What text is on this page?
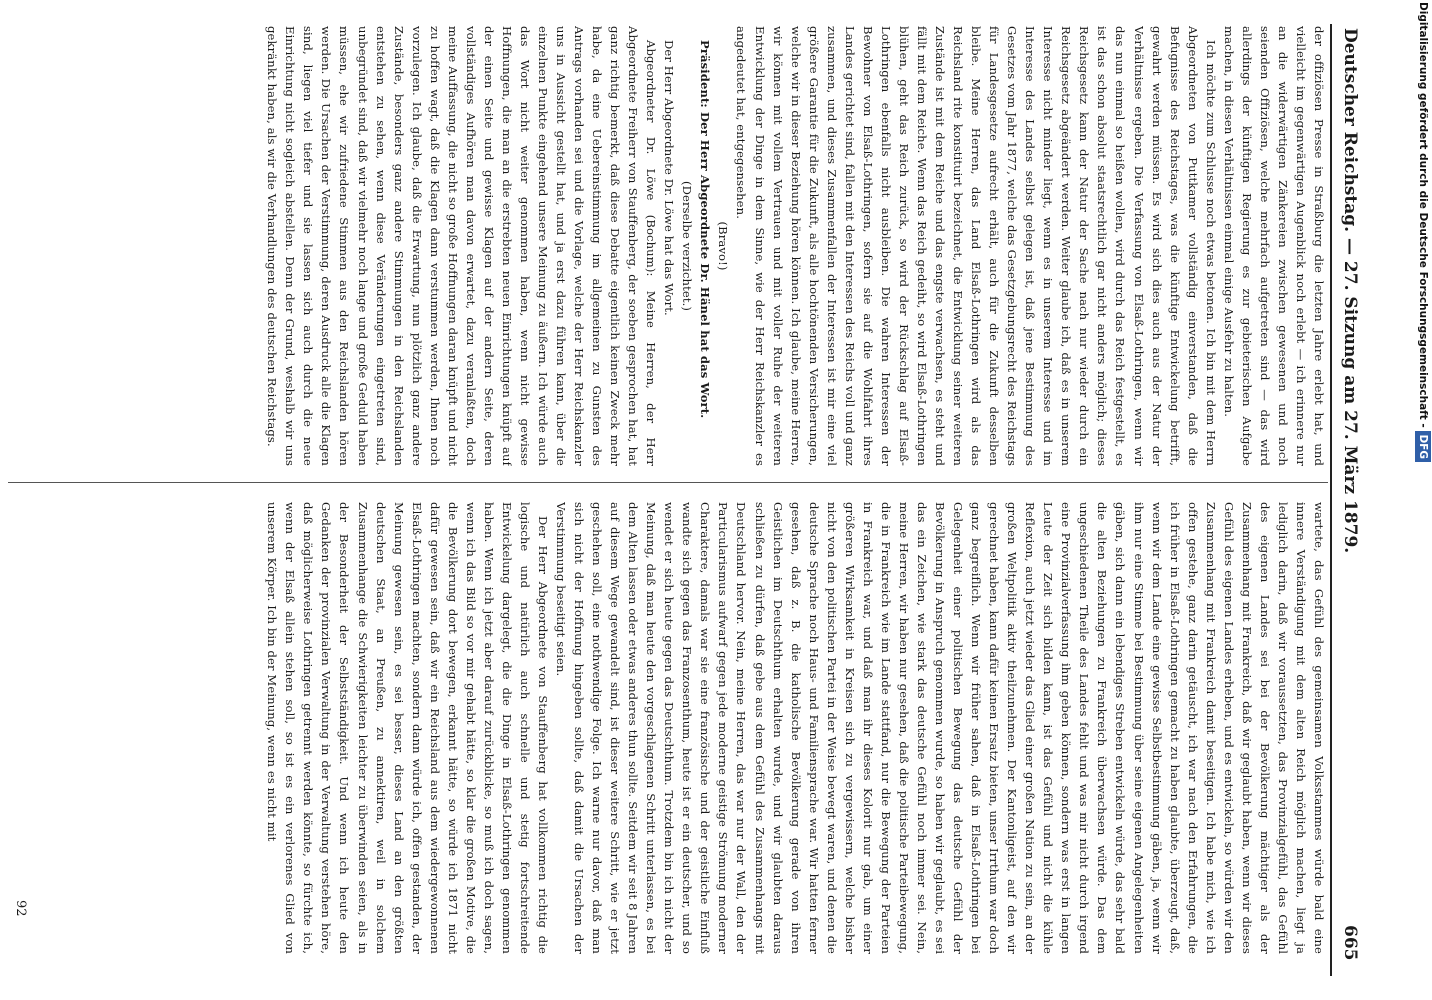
Deutscher Reichstag. — 27. Sitzung am 27. März 1879.
665

der offiziösen Presse in Straßburg die letzten Jahre erlebt hat, und vielleicht im gegenwärtigen Augenblick noch erlebt — ich erinnere nur an die widerwärtigen Zänkereien zwischen gewesenen und noch seienden Offiziösen, welche mehrfach aufgetreten sind — das wird allerdings der künftigen Regierung es zur gebieterischen Aufgabe machen, in diesen Verhältnissen einmal einige Ausfehr zu halten.

Ich möchte zum Schlusse noch etwas betonen. Ich bin mit dem Herrn Abgeordneten von Puttkamer vollständig einverstanden, daß die Befugnisse des Reichstages, was die künftige Entwickelung betrifft, gewahrt werden müssen. Es wird sich dies auch aus der Natur der Verhältnisse ergeben. Die Verfassung von Elsaß-Lothringen, wenn wir das nun einmal so heißen wollen, wird durch das Reich festgestellt, es ist das schon absolut staatsrechtlich gar nicht anders möglich; dieses Reichsgesetz kann der Natur der Sache nach nur wieder durch ein Reichsgesetz abgeändert werden. Weiter glaube ich, daß es in unserem Interesse nicht minder liegt, wenn es in unserem Interesse und im Interesse des Landes selbst gelegen ist, daß jene Bestimmung des Gesetzes vom Jahr 1877, welche das Gesetzgebungsrecht des Reichstags für Landesgesetze aufrecht erhält, auch für die Zukunft desselben bleibe. Meine Herren, das Land Elsaß-Lothringen wird als das Reichsland rite konstituirt bezeichnet, die Entwicklung seiner weiteren Zustände ist mit dem Reiche und das engste verwachsen, es steht und fällt mit dem Reiche. Wenn das Reich gedeiht, so wird Elsaß-Lothringen blühen, geht das Reich zurück, so wird der Rückschlag auf Elsaß-Lothringen ebenfalls nicht ausbleiben. Die wahren Interessen der Bewohner von Elsaß-Lothringen, sofern sie auf die Wohlfahrt ihres Landes gerichtet sind, fallen mit den Interessen des Reichs voll und ganz zusammen, und dieses Zusammenfallen der Interessen ist mir eine viel größere Garantie für die Zukunft, als alle hochtönenden Versicherungen, welche wir in dieser Beziehung hören können. Ich glaube, meine Herren, wir können mit vollem Vertrauen und mit voller Ruhe der weiteren Entwicklung der Dinge in dem Sinne, wie der Herr Reichskanzler es angedeutet hat, entgegensehen.

(Bravo!)

Präsident: Der Herr Abgeordnete Dr. Hänel hat das Wort.

(Derselbe verzichtet.)

Der Herr Abgeordnete Dr. Löwe hat das Wort.

Abgeordneter Dr. Löwe (Bochum): Meine Herren, der Herr Abgeordnete Freiherr von Stauffenberg, der soeben gesprochen hat, hat ganz richtig bemerkt, daß diese Debatte eigentlich keinen Zweck mehr habe, da eine Uebereinstimmung im allgemeinen zu Gunsten des Antrags vorhanden sei und die Vorlage, welche der Herr Reichskanzler uns in Aussicht gestellt hat, und ja erst dazu führen kann, über die einzelnen Punkte eingehend unsere Meinung zu äußern. Ich würde auch das Wort nicht weiter genommen haben, wenn nicht gewisse Hoffnungen, die man an die erstrebten neuen Einrichtungen knüpft auf der einen Seite und gewisse Klagen auf der andern Seite, deren vollständiges Aufhören man davon erwartet, dazu veranlaßten, doch meine Auffassung, die nicht so große Hoffnungen daran knüpft und nicht zu hoffen wagt, daß die Klagen dann verstummen werden, Ihnen noch vorzulegen. Ich glaube, daß die Erwartung, nun plötzlich ganz andere Zustände, besonders ganz andere Stimmungen in den Reichslanden entstehen zu sehen, wenn diese Veränderungen eingetreten sind, unbegründet sind, daß wir vielmehr noch lange und große Geduld haben müssen, ehe wir zufriedene Stimmen aus den Reichslanden hören werden. Die Ursachen der Verstimmung, deren Ausdruck alle die Klagen sind, liegen viel tiefer und sie lassen sich auch durch die neue Einrichtung nicht sogleich abstellen. Denn der Grund, weshalb wir uns gekränkt haben, als wir die Verhandlungen des deutschen Reichstags.

wartete, das Gefühl des gemeinsamen Volksstammes würde bald eine innere Verständigung mit dem alten Reich möglich machen, liegt ja lediglich darin, daß wir voraussetzten, das Provinzialgefühl, das Gefühl des eigenen Landes sei bei der Bevölkerung mächtiger als der Zusammenhang mit Frankreich, daß wir geglaubt haben, wenn wir dieses Gefühl des eigenen Landes erheben, und es entwickeln, so würden wir den Zusammenhang mit Frankreich damit beseitigen. Ich habe mich, wie ich offen gestehe, ganz darin getäuscht, ich war nach den Erfahrungen, die ich früher in Elsaß-Lothringen gemacht zu haben glaubte, überzeugt, daß, wenn wir dem Lande eine gewisse Selbstbestimmung gäben, ja, wenn wir ihm nur eine Stimme bei Bestimmung über seine eigenen Angelegenheiten gäben, sich dann ein lebendiges Streben entwickeln würde, das sehr bald die alten Beziehungen zu Frankreich überwachsen würde. Das dem ungeschiedenen Theile des Landes fehlt und was mir nicht durch irgend eine Provinzialverfassung ihm geben können, sondern was erst in langen Leute der Zeit sich bilden kann, ist das Gefühl und nicht die kühle Reflexion, auch jetzt wieder das Glied einer großen Nation zu sein, an der großen Weltpolitik aktiv theilzunehmen. Der Kantonligeist, auf den wir gerechnet haben, kann dafür keinen Ersatz bieten, unser Irrthum war doch ganz begreiflich. Wenn wir früher sahen, daß in Elsaß-Lothringen bei Gelegenheit einer politischen Bewegung das deutsche Gefühl der Bevölkerung in Anspruch genommen wurde, so haben wir geglaubt, es sei das ein Zeichen, wie stark das deutsche Gefühl noch immer sei. Nein, meine Herren, wir haben nur gesehen, daß die politische Parteibewegung, die in Frankreich wie im Lande stattfand, nur die Bewegung der Parteien in Frankreich war, und daß man ihr dieses Kolorit nur gab, um einer größeren Wirksamkeit in Kreisen sich zu vergewissern, welche bisher nicht von den politischen Partei in der Weise bewegt waren, und denen die deutsche Sprache noch Haus- und Familiensprache war. Wir hatten ferner gesehen, daß z. B. die katholische Bevölkerung gerade von ihren Geistlichen im Deutschthum erhalten wurde, und wir glaubten daraus schließen zu dürfen, daß gebe aus dem Gefühl des Zusammenhangs mit Deutschland hervor. Nein, meine Herren, das war nur der Wall, den der Particularismus aufwarf gegen jede moderne geistige Strömung moderner Charaktere, damals war sie eine französische und der geistliche Einfluß wandte sich gegen das Franzosenthum, heute ist er ein deutscher, und so wendet er sich heute gegen das Deutschthum. Trotzdem bin ich nicht der Meinung, daß man heute den vorgeschlagenen Schritt unterlassen, es bei dem Alten lassen oder etwas anderes thun sollte. Seitdem wir seit 8 Jahren auf diesem Wege gewandelt sind, ist dieser weitere Schritt, wie er jetzt geschehen soll, eine nothwendige Folge. Ich warne nur davor, daß man sich nicht der Hoffnung hingeben sollte, daß damit die Ursachen der Verstimmung beseitigt seien.

Der Herr Abgeordnete von Stauffenberg hat vollkommen richtig die logische und natürlich auch schnelle und stetig fortschreitende Entwickelung dargelegt, die die Dinge in Elsaß-Lothringen genommen haben. Wenn ich jetzt aber darauf zurückblicke, so muß ich doch sagen, wenn ich das Bild so vor mir gehabt hätte, so klar die großen Motive, die die Bevölkerung dort bewegen, erkannt hätte, so würde ich 1871 nicht dafür gewesen sein, daß wir ein Reichsland aus dem wiedergewonnenen Elsaß-Lothringen machten, sondern dann würde ich, offen gestanden, der Meinung gewesen sein, es sei besser, dieses Land an den größten deutschen Staat, an Preußen, zu annektiren, weil in solchem Zusammenhange die Schwierigkeiten leichter zu überwinden seien, als in der Besonderheit der Selbstständigkeit. Und wenn ich heute den Gedanken der provinzialen Verwaltung in der Verwaltung verstehen höre, daß möglicherweise Lothringen getrennt werden könnte, so fürchte ich, wenn der Elsaß allein stehen soll, so ist es ein verlorenes Glied von unserem Körper. Ich bin der Meinung, wenn es nicht mit

92
Digitalisierung gefördert durch die Deutsche Forschungsgemeinschaft - DFG
